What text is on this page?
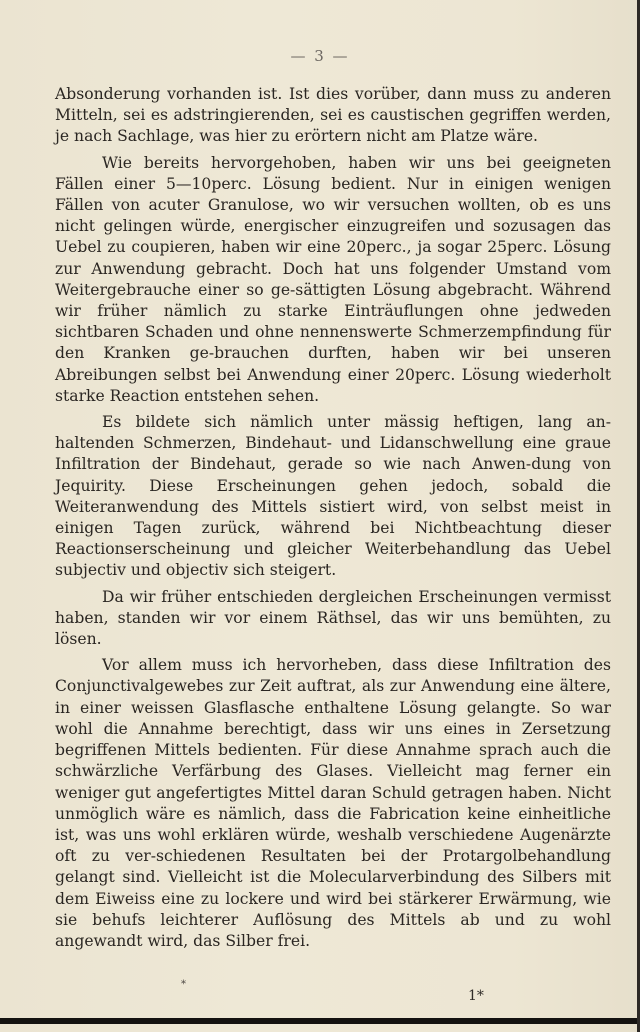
— 3 —

Absonderung vorhanden ist. Ist dies vorüber, dann muss zu anderen Mitteln, sei es adstringierenden, sei es caustischen gegriffen werden, je nach Sachlage, was hier zu erörtern nicht am Platze wäre.

Wie bereits hervorgehoben, haben wir uns bei geeigneten Fällen einer 5—10perc. Lösung bedient. Nur in einigen wenigen Fällen von acuter Granulose, wo wir versuchen wollten, ob es uns nicht gelingen würde, energischer einzugreifen und sozusagen das Uebel zu coupieren, haben wir eine 20perc., ja sogar 25perc. Lösung zur Anwendung gebracht. Doch hat uns folgender Umstand vom Weitergebrauche einer so ge-sättigten Lösung abgebracht. Während wir früher nämlich zu starke Einträuflungen ohne jedweden sichtbaren Schaden und ohne nennenswerte Schmerzempfindung für den Kranken ge-brauchen durften, haben wir bei unseren Abreibungen selbst bei Anwendung einer 20perc. Lösung wiederholt starke Reaction entstehen sehen.

Es bildete sich nämlich unter mässig heftigen, lang an-haltenden Schmerzen, Bindehaut- und Lidanschwellung eine graue Infiltration der Bindehaut, gerade so wie nach Anwen-dung von Jequirity. Diese Erscheinungen gehen jedoch, sobald die Weiteranwendung des Mittels sistiert wird, von selbst meist in einigen Tagen zurück, während bei Nichtbeachtung dieser Reactionserscheinung und gleicher Weiterbehandlung das Uebel subjectiv und objectiv sich steigert.

Da wir früher entschieden dergleichen Erscheinungen vermisst haben, standen wir vor einem Räthsel, das wir uns bemühten, zu lösen.

Vor allem muss ich hervorheben, dass diese Infiltration des Conjunctivalgewebes zur Zeit auftrat, als zur Anwendung eine ältere, in einer weissen Glasflasche enthaltene Lösung gelangte. So war wohl die Annahme berechtigt, dass wir uns eines in Zersetzung begriffenen Mittels bedienten. Für diese Annahme sprach auch die schwärzliche Verfärbung des Glases. Vielleicht mag ferner ein weniger gut angefertigtes Mittel daran Schuld getragen haben. Nicht unmöglich wäre es nämlich, dass die Fabrication keine einheitliche ist, was uns wohl erklären würde, weshalb verschiedene Augenärzte oft zu ver-schiedenen Resultaten bei der Protargolbehandlung gelangt sind. Vielleicht ist die Molecularverbindung des Silbers mit dem Eiweiss eine zu lockere und wird bei stärkerer Erwärmung, wie sie behufs leichterer Auflösung des Mittels ab und zu wohl angewandt wird, das Silber frei.

*
1*
